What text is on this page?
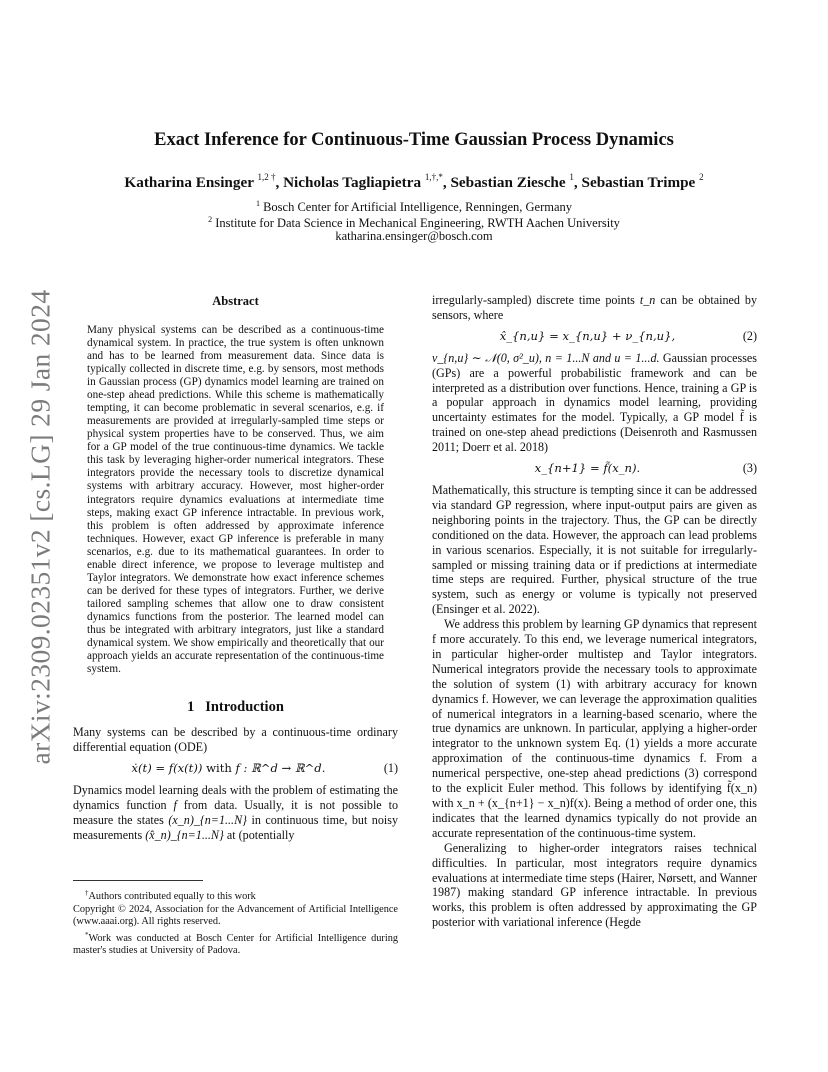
arXiv:2309.02351v2 [cs.LG] 29 Jan 2024
Exact Inference for Continuous-Time Gaussian Process Dynamics
Katharina Ensinger $^{1,2 \dagger}$, Nicholas Tagliapietra $^{1,\dagger,*}$, Sebastian Ziesche $^1$, Sebastian Trimpe $^2$
$^1$ Bosch Center for Artificial Intelligence, Renningen, Germany
$^2$ Institute for Data Science in Mechanical Engineering, RWTH Aachen University
katharina.ensinger@bosch.com
Abstract

Many physical systems can be described as a continuous-time dynamical system. In practice, the true system is often unknown and has to be learned from measurement data. Since data is typically collected in discrete time, e.g. by sensors, most methods in Gaussian process (GP) dynamics model learning are trained on one-step ahead predictions. While this scheme is mathematically tempting, it can become problematic in several scenarios, e.g. if measurements are provided at irregularly-sampled time steps or physical system properties have to be conserved. Thus, we aim for a GP model of the true continuous-time dynamics. We tackle this task by leveraging higher-order numerical integrators. These integrators provide the necessary tools to discretize dynamical systems with arbitrary accuracy. However, most higher-order integrators require dynamics evaluations at intermediate time steps, making exact GP inference intractable. In previous work, this problem is often addressed by approximate inference techniques. However, exact GP inference is preferable in many scenarios, e.g. due to its mathematical guarantees. In order to enable direct inference, we propose to leverage multistep and Taylor integrators. We demonstrate how exact inference schemes can be derived for these types of integrators. Further, we derive tailored sampling schemes that allow one to draw consistent dynamics functions from the posterior. The learned model can thus be integrated with arbitrary integrators, just like a standard dynamical system. We show empirically and theoretically that our approach yields an accurate representation of the continuous-time system.

1 Introduction

Many systems can be described by a continuous-time ordinary differential equation (ODE)

ẋ(t) = f(x(t)) with f : ℝ^d → ℝ^d.	(1)

Dynamics model learning deals with the problem of estimating the dynamics function f from data. Usually, it is not possible to measure the states (x_n)_{n=1...N} in continuous time, but noisy measurements (x̂_n)_{n=1...N} at (potentially

†Authors contributed equally to this work

Copyright © 2024, Association for the Advancement of Artificial Intelligence (www.aaai.org). All rights reserved.

*Work was conducted at Bosch Center for Artificial Intelligence during master's studies at University of Padova.

irregularly-sampled) discrete time points t_n can be obtained by sensors, where

x̂_{n,u} = x_{n,u} + ν_{n,u},	(2)

ν_{n,u} ∼ 𝒩(0, σ²_u), n = 1...N and u = 1...d. Gaussian processes (GPs) are a powerful probabilistic framework and can be interpreted as a distribution over functions. Hence, training a GP is a popular approach in dynamics model learning, providing uncertainty estimates for the model. Typically, a GP model f̃ is trained on one-step ahead predictions (Deisenroth and Rasmussen 2011; Doerr et al. 2018)

x_{n+1} = f̃(x_n).	(3)

Mathematically, this structure is tempting since it can be addressed via standard GP regression, where input-output pairs are given as neighboring points in the trajectory. Thus, the GP can be directly conditioned on the data. However, the approach can lead problems in various scenarios. Especially, it is not suitable for irregularly-sampled or missing training data or if predictions at intermediate time steps are required. Further, physical structure of the true system, such as energy or volume is typically not preserved (Ensinger et al. 2022).

We address this problem by learning GP dynamics that represent f more accurately. To this end, we leverage numerical integrators, in particular higher-order multistep and Taylor integrators. Numerical integrators provide the necessary tools to approximate the solution of system (1) with arbitrary accuracy for known dynamics f. However, we can leverage the approximation qualities of numerical integrators in a learning-based scenario, where the true dynamics are unknown. In particular, applying a higher-order integrator to the unknown system Eq. (1) yields a more accurate approximation of the continuous-time dynamics f. From a numerical perspective, one-step ahead predictions (3) correspond to the explicit Euler method. This follows by identifying f̃(x_n) with x_n + (x_{n+1} − x_n)f(x). Being a method of order one, this indicates that the learned dynamics typically do not provide an accurate representation of the continuous-time system.

Generalizing to higher-order integrators raises technical difficulties. In particular, most integrators require dynamics evaluations at intermediate time steps (Hairer, Nørsett, and Wanner 1987) making standard GP inference intractable. In previous works, this problem is often addressed by approximating the GP posterior with variational inference (Hegde
